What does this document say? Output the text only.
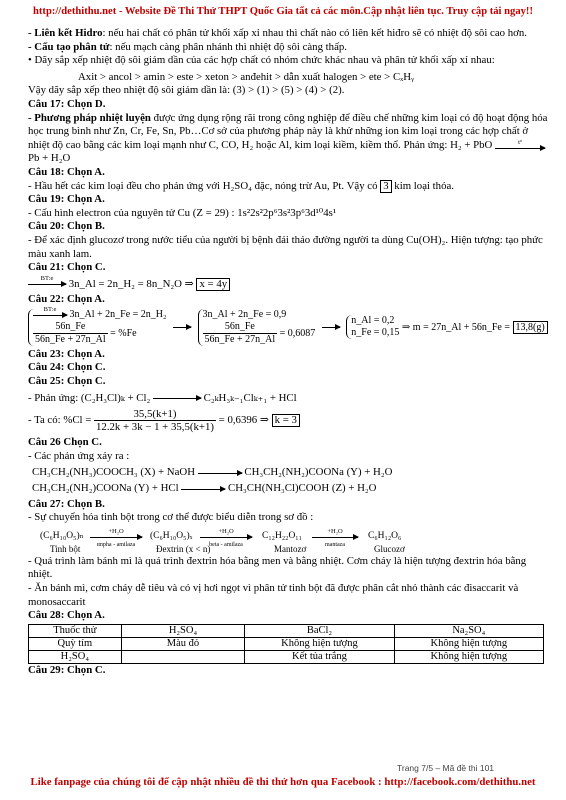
http://dethithu.net - Website Đề Thi Thử THPT Quốc Gia tất cả các môn.Cập nhật liên tục. Truy cập tải ngay!!

- Liên kết Hidro: nếu hai chất có phân tử khối xấp xỉ nhau thì chất nào có liên kết hiđro sẽ có nhiệt độ sôi cao hơn.

- Cấu tạo phân tử: nếu mạch càng phân nhánh thì nhiệt độ sôi càng thấp.

• Dãy sắp xếp nhiệt độ sôi giảm dần của các hợp chất có nhóm chức khác nhau và phân tử khối xấp xỉ nhau:

Axit > ancol > amin > este > xeton > anđehit > dẫn xuất halogen > ete > CₓHᵧ

Vậy dãy sắp xếp theo nhiệt độ sôi giảm dần là: (3) > (1) > (5) > (4) > (2).

Câu 17: Chọn D.

- Phương pháp nhiệt luyện được ứng dụng rộng rãi trong công nghiệp để điều chế những kim loại có độ hoạt động hóa học trung bình như Zn, Cr, Fe, Sn, Pb…Cơ sở của phương pháp này là khử những ion kim loại trong các hợp chất ở nhiệt độ cao bằng các kim loại mạnh như C, CO, H₂ hoặc Al, kim loại kiềm, kiềm thổ. Phản ứng: H₂ + PbO	tº
Pb + H₂O

Câu 18: Chọn A.

- Hầu hết các kim loại đều cho phản ứng với H₂SO₄ đặc, nóng trừ Au, Pt. Vậy có 3 kim loại thỏa.

Câu 19: Chọn A.

- Cấu hình electron của nguyên tử Cu (Z = 29) : 1s²2s²2p⁶3s²3p⁶3d¹⁰4s¹

Câu 20: Chọn B.

- Để xác định glucozơ trong nước tiểu của người bị bệnh đái tháo đường người ta dùng Cu(OH)₂. Hiện tượng: tạo phức màu xanh lam.

Câu 21: Chọn C.

BT:e	3n_Al = 2n_H₂ = 8n_N₂O ⇒ x = 4y

Câu 22: Chọn A.

BT:e	3n_Al + 2n_Fe = 2n_H₂
$\frac{56n\_Fe}{56n\_Fe + 27n\_Al} = \%Fe$

3n_Al + 2n_Fe = 0,9
$\frac{56n\_Fe}{56n\_Fe + 27n\_Al} = 0,6087$

n_Al = 0,2
n_Fe = 0,15
⇒ m = 27n_Al + 56n_Fe = 13,8(g)

Câu 23: Chọn A.

Câu 24: Chọn C.

Câu 25: Chọn C.

- Phản ứng: (C₂H₃Cl)ₖ + Cl₂	C₂ₖH₃ₖ₋₁Clₖ₊₁ + HCl

- Ta có: $\%Cl = \frac{35,5(k+1)}{12.2k + 3k - 1 + 35,5(k+1)} = 0,6396$ ⇒ k = 3

Câu 26 Chọn C.

- Các phản ứng xảy ra :

CH₃CH₂(NH₃)COOCH₃ (X) + NaOH	CH₃CH₂(NH₂)COONa (Y) + H₂O

CH₃CH₂(NH₂)COONa (Y) + HCl	CH₃CH(NH₃Cl)COOH (Z) + H₂O

Câu 27: Chọn B.

- Sự chuyển hóa tinh bột trong cơ thể được biểu diễn trong sơ đồ :

(C₆H₁₀O₅)ₙ	+H₂O
αnpha - amilaza
(C₆H₁₀O₅)ₓ	+H₂O
beta - amilaza
C₁₂H₂₂O₁₁	+H₂O
mantaza
C₆H₁₂O₆
Tinh bột	Đextrin (x < n)	Mantozơ	Glucozơ

- Quá trình làm bánh mì là quá trình đextrin hóa bằng men và bằng nhiệt. Cơm cháy là hiện tượng đextrin hóa bằng nhiệt.

- Ăn bánh mì, cơm cháy dễ tiêu và có vị hơi ngọt vì phân tử tinh bột đã được phân cắt nhỏ thành các đisaccarit và monosaccarit

Câu 28: Chọn A.

Thuốc thử	H₂SO₄	BaCl₂	Na₂SO₄
Quỳ tím	Màu đỏ	Không hiện tượng	Không hiện tượng
H₂SO₄		Kết tủa trắng	Không hiện tượng

Câu 29: Chọn C.

Trang 7/5 – Mã đề thi 101
Like fanpage của chúng tôi để cập nhật nhiều đề thi thử hơn qua Facebook : http://facebook.com/dethithu.net
